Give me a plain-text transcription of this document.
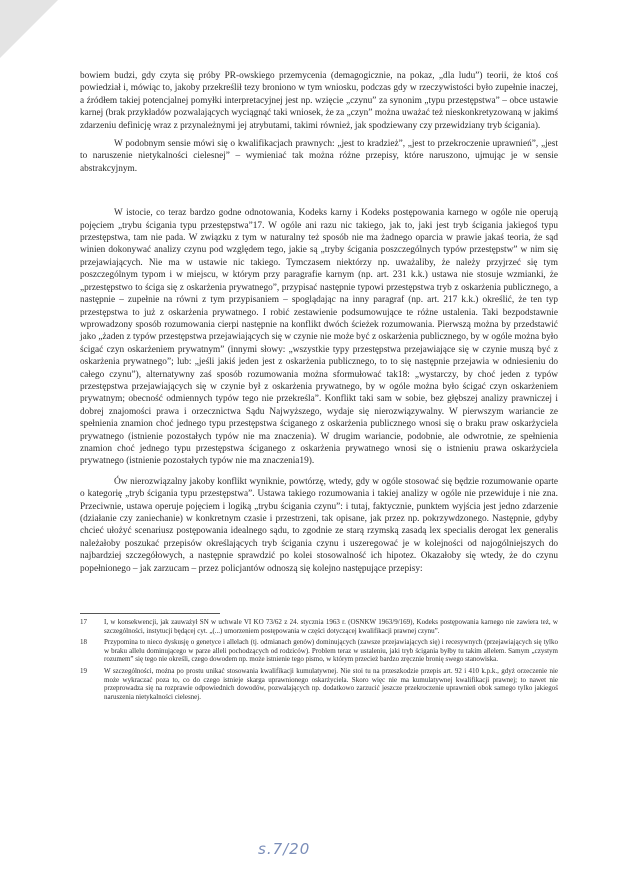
bowiem budzi, gdy czyta się próby PR-owskiego przemycenia (demagogicznie, na pokaz, „dla ludu”) teorii, że ktoś coś powiedział i, mówiąc to, jakoby przekreślił tezy broniono w tym wniosku, podczas gdy w rzeczywistości było zupełnie inaczej, a źródłem takiej potencjalnej pomyłki interpretacyjnej jest np. wzięcie „czynu” za synonim „typu przestępstwa” – obce ustawie karnej (brak przykładów pozwalających wyciągnąć taki wniosek, że za „czyn” można uważać też nieskonkretyzowaną w jakimś zdarzeniu definicję wraz z przynależnymi jej atrybutami, takimi również, jak spodziewany czy przewidziany tryb ścigania).

W podobnym sensie mówi się o kwalifikacjach prawnych: „jest to kradzież”, „jest to przekroczenie uprawnień”, „jest to naruszenie nietykalności cielesnej” – wymieniać tak można różne przepisy, które naruszono, ujmując je w sensie abstrakcyjnym.

W istocie, co teraz bardzo godne odnotowania, Kodeks karny i Kodeks postępowania karnego w ogóle nie operują pojęciem „trybu ścigania typu przestępstwa”17. W ogóle ani razu nic takiego, jak to, jaki jest tryb ścigania jakiegoś typu przestępstwa, tam nie pada. W związku z tym w naturalny też sposób nie ma żadnego oparcia w prawie jakaś teoria, że sąd winien dokonywać analizy czynu pod względem tego, jakie są „tryby ścigania poszczególnych typów przestępstw” w nim się przejawiających. Nie ma w ustawie nic takiego. Tymczasem niektórzy np. uważaliby, że należy przyjrzeć się tym poszczególnym typom i w miejscu, w którym przy paragrafie karnym (np. art. 231 k.k.) ustawa nie stosuje wzmianki, że „przestępstwo to ściga się z oskarżenia prywatnego”, przypisać następnie typowi przestępstwa tryb z oskarżenia publicznego, a następnie – zupełnie na równi z tym przypisaniem – spoglądając na inny paragraf (np. art. 217 k.k.) określić, że ten typ przestępstwa to już z oskarżenia prywatnego. I robić zestawienie podsumowujące te różne ustalenia. Taki bezpodstawnie wprowadzony sposób rozumowania cierpi następnie na konflikt dwóch ścieżek rozumowania. Pierwszą można by przedstawić jako „żaden z typów przestępstwa przejawiających się w czynie nie może być z oskarżenia publicznego, by w ogóle można było ścigać czyn oskarżeniem prywatnym” (innymi słowy: „wszystkie typy przestępstwa przejawiające się w czynie muszą być z oskarżenia prywatnego”; lub: „jeśli jakiś jeden jest z oskarżenia publicznego, to to się następnie przejawia w odniesieniu do całego czynu”), alternatywny zaś sposób rozumowania można sformułować tak18: „wystarczy, by choć jeden z typów przestępstwa przejawiających się w czynie był z oskarżenia prywatnego, by w ogóle można było ścigać czyn oskarżeniem prywatnym; obecność odmiennych typów tego nie przekreśla”. Konflikt taki sam w sobie, bez głębszej analizy prawniczej i dobrej znajomości prawa i orzecznictwa Sądu Najwyższego, wydaje się nierozwiązywalny. W pierwszym wariancie ze spełnienia znamion choć jednego typu przestępstwa ściganego z oskarżenia publicznego wnosi się o braku praw oskarżyciela prywatnego (istnienie pozostałych typów nie ma znaczenia). W drugim wariancie, podobnie, ale odwrotnie, ze spełnienia znamion choć jednego typu przestępstwa ściganego z oskarżenia prywatnego wnosi się o istnieniu prawa oskarżyciela prywatnego (istnienie pozostałych typów nie ma znaczenia19).

Ów nierozwiązalny jakoby konflikt wyniknie, powtórzę, wtedy, gdy w ogóle stosować się będzie rozumowanie oparte o kategorię „tryb ścigania typu przestępstwa”. Ustawa takiego rozumowania i takiej analizy w ogóle nie przewiduje i nie zna. Przeciwnie, ustawa operuje pojęciem i logiką „trybu ścigania czynu”: i tutaj, faktycznie, punktem wyjścia jest jedno zdarzenie (działanie czy zaniechanie) w konkretnym czasie i przestrzeni, tak opisane, jak przez np. pokrzywdzonego. Następnie, gdyby chcieć ułożyć scenariusz postępowania idealnego sądu, to zgodnie ze starą rzymską zasadą lex specialis derogat lex generalis należałoby poszukać przepisów określających tryb ścigania czynu i uszeregować je w kolejności od najogólniejszych do najbardziej szczegółowych, a następnie sprawdzić po kolei stosowalność ich hipotez. Okazałoby się wtedy, że do czynu popełnionego – jak zarzucam – przez policjantów odnoszą się kolejno następujące przepisy:

17	I, w konsekwencji, jak zauważył SN w uchwale VI KO 73/62 z 24. stycznia 1963 r. (OSNKW 1963/9/169), Kodeks postępowania karnego nie zawiera też, w szczególności, instytucji będącej cyt. „(...) umorzeniem postępowania w części dotyczącej kwalifikacji prawnej czynu”.
18	Przypomina to nieco dyskusję o genetyce i allelach (tj. odmianach genów) dominujących (zawsze przejawiających się) i recesywnych (przejawiających się tylko w braku allelu dominującego w parze alleli pochodzących od rodziców). Problem teraz w ustaleniu, jaki tryb ścigania byłby tu takim allelem. Samym „czystym rozumem” się tego nie określi, czego dowodem np. może istnienie tego pismo, w którym przecież bardzo zręcznie bronię swego stanowiska.
19	W szczególności, można po prostu unikać stosowania kwalifikacji kumulatywnej. Nie stoi tu na przeszkodzie przepis art. 92 i 410 k.p.k., gdyż orzeczenie nie może wykraczać poza to, co do czego istnieje skarga uprawnionego oskarżyciela. Skoro więc nie ma kumulatywnej kwalifikacji prawnej; to nawet nie przeprowadza się na rozprawie odpowiednich dowodów, pozwalających np. dodatkowo zarzucić jeszcze przekroczenie uprawnień obok samego tylko jakiegoś naruszenia nietykalności cielesnej.
s.7/20
